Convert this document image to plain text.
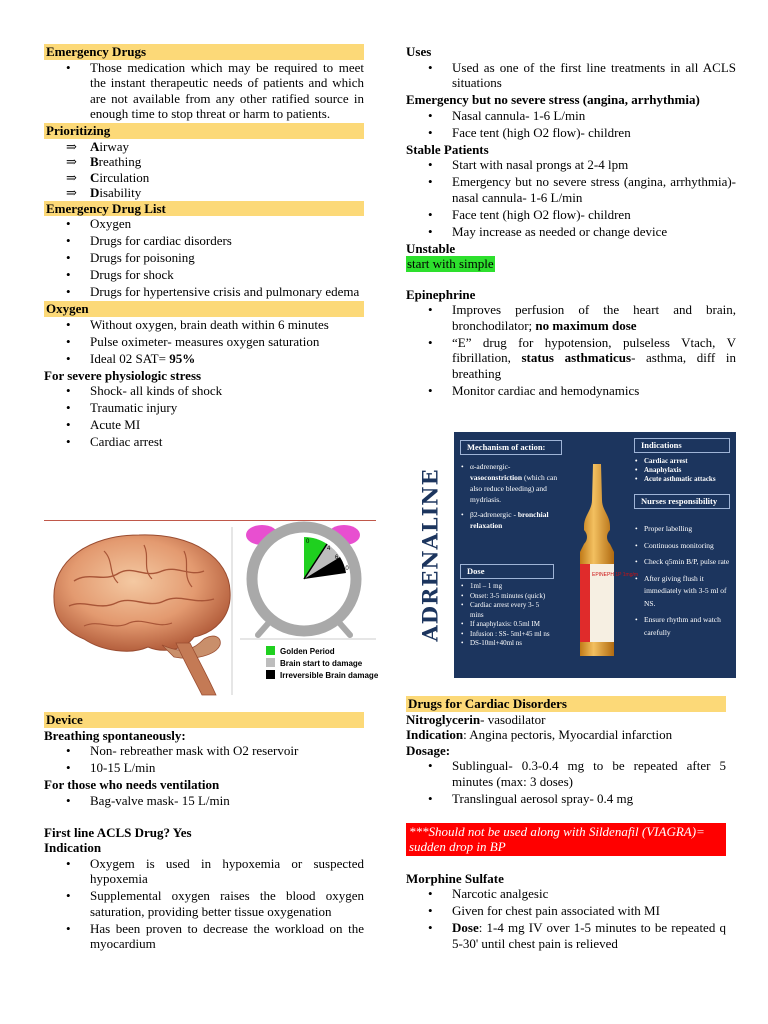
Emergency Drugs
• Those medication which may be required to meet the instant therapeutic needs of patients and which are not available from any other ratified source in enough time to stop threat or harm to patients.
Prioritizing
⇒ Airway
⇒ Breathing
⇒ Circulation
⇒ Disability
Emergency Drug List
• Oxygen
• Drugs for cardiac disorders
• Drugs for poisoning
• Drugs for shock
• Drugs for hypertensive crisis and pulmonary edema
Oxygen
• Without oxygen, brain death within 6 minutes
• Pulse oximeter- measures oxygen saturation
• Ideal 02 SAT= 95%
For severe physiologic stress
• Shock- all kinds of shock
• Traumatic injury
• Acute MI
• Cardiac arrest
0
4
6
10
Golden Period
Brain start to damage
Irreversible Brain damage
Device
Breathing spontaneously:
• Non- rebreather mask with O2 reservoir
• 10-15 L/min
For those who needs ventilation
• Bag-valve mask- 15 L/min
First line ACLS Drug? Yes
Indication
• Oxygem is used in hypoxemia or suspected hypoxemia
• Supplemental oxygen raises the blood oxygen saturation, providing better tissue oxygenation
• Has been proven to decrease the workload on the myocardium
Uses
• Used as one of the first line treatments in all ACLS situations
Emergency but no severe stress (angina, arrhythmia)
• Nasal cannula- 1-6 L/min
• Face tent (high O2 flow)- children
Stable Patients
• Start with nasal prongs at 2-4 lpm
• Emergency but no severe stress (angina, arrhythmia)- nasal cannula- 1-6 L/min
• Face tent (high O2 flow)- children
• May increase as needed or change device
Unstable
start with simple
Epinephrine
• Improves perfusion of the heart and brain, bronchodilator; no maximum dose
• “E” drug for hypotension, pulseless Vtach, V fibrillation, status asthmaticus- asthma, diff in breathing
• Monitor cardiac and hemodynamics
ADRENALINE
Mechanism of action:
• α-adrenergic- vasoconstriction (which can also reduce bleeding) and mydriasis.
• β2-adrenergic - bronchial relaxation
Dose
• 1ml – 1 mg
• Onset: 3-5 minutes (quick)
• Cardiac arrest every 3- 5 mins
• If anaphylaxis: 0.5ml IM
• Infusion : SS- 5ml+45 ml ns
• DS-10ml+40ml ns
EPINEPH 1P 1mg/m
Indications
• Cardiac arrest
• Anaphylaxis
• Acute asthmatic attacks
Nurses responsibility
• Proper labelling
• Continuous monitoring
• Check q5min B/P, pulse rate
• After giving flush it immediately with 3-5 ml of NS.
• Ensure rhythm and watch carefully
Drugs for Cardiac Disorders
Nitroglycerin- vasodilator
Indication: Angina pectoris, Myocardial infarction
Dosage:
• Sublingual- 0.3-0.4 mg to be repeated after 5 minutes (max: 3 doses)
• Translingual aerosol spray- 0.4 mg
***Should not be used along with Sildenafil (VIAGRA)= sudden drop in BP
Morphine Sulfate
• Narcotic analgesic
• Given for chest pain associated with MI
• Dose: 1-4 mg IV over 1-5 minutes to be repeated q 5-30' until chest pain is relieved
